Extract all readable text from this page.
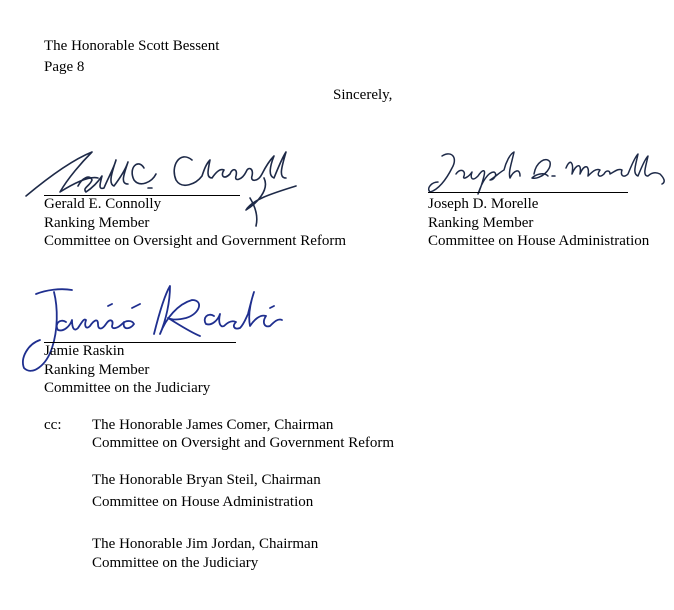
The Honorable Scott Bessent
Page 8
Sincerely,
Gerald E. Connolly
Ranking Member
Committee on Oversight and Government Reform
Joseph D. Morelle
Ranking Member
Committee on House Administration
Jamie Raskin
Ranking Member
Committee on the Judiciary
cc: The Honorable James Comer, Chairman
Committee on Oversight and Government Reform
The Honorable Bryan Steil, Chairman
Committee on House Administration
The Honorable Jim Jordan, Chairman
Committee on the Judiciary
